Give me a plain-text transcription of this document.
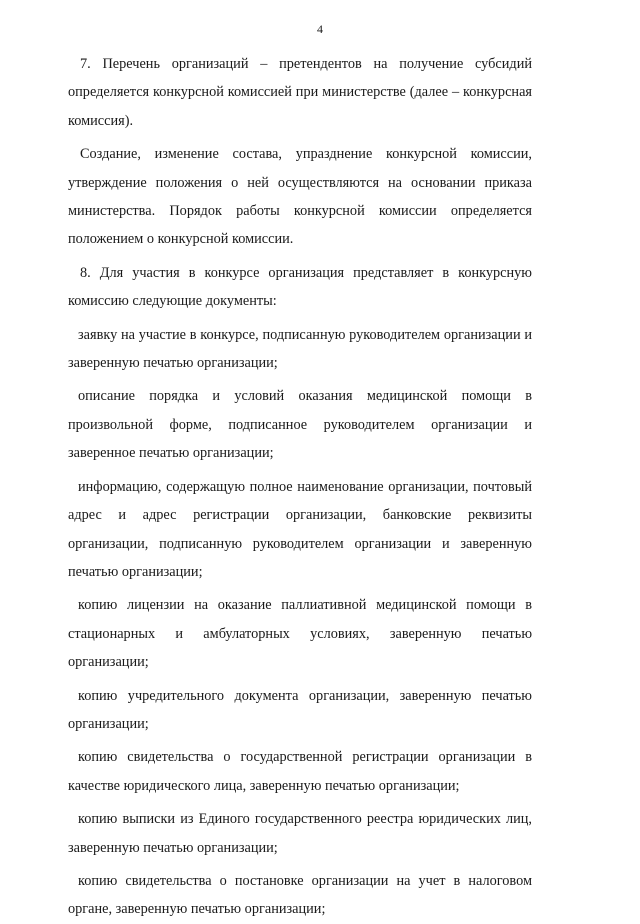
4

7. Перечень организаций – претендентов на получение субсидий определяется конкурсной комиссией при министерстве (далее – конкурсная комиссия).

Создание, изменение состава, упразднение конкурсной комиссии, утверждение положения о ней осуществляются на основании приказа министерства. Порядок работы конкурсной комиссии определяется положением о конкурсной комиссии.

8. Для участия в конкурсе организация представляет в конкурсную комиссию следующие документы:

заявку на участие в конкурсе, подписанную руководителем организации и заверенную печатью организации;

описание порядка и условий оказания медицинской помощи в произвольной форме, подписанное руководителем организации и заверенное печатью организации;

информацию, содержащую полное наименование организации, почтовый адрес и адрес регистрации организации, банковские реквизиты организации, подписанную руководителем организации и заверенную печатью организации;

копию лицензии на оказание паллиативной медицинской помощи в стационарных и амбулаторных условиях, заверенную печатью организации;

копию учредительного документа организации, заверенную печатью организации;

копию свидетельства о государственной регистрации организации в качестве юридического лица, заверенную печатью организации;

копию выписки из Единого государственного реестра юридических лиц, заверенную печатью организации;

копию свидетельства о постановке организации на учет в налоговом органе, заверенную печатью организации;
